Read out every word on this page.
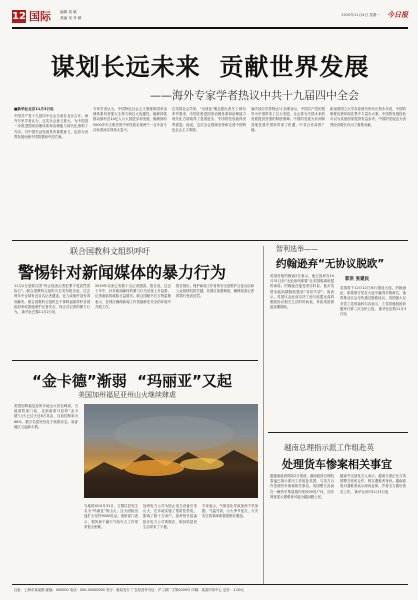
12 国际	编辑 周 敏
美编 吴 丹 颖
2019年11月4日 星期一 今日报
谋划长远未来  贡献世界发展
——海外专家学者热议中共十九届四中全会
■新华社北京11月3日电
中国共产党十九届四中全会日前在北京召开。海外专家学者认为，这次全会意义重大，为中国进一步推进国家治理体系和治理能力现代化指明了方向，对中国长远发展具有重要意义，也将为世界发展贡献中国智慧和中国方案。
专家学者认为，中国特色社会主义制度和国家治理体系具有强大生命力和巨大优越性，能够持续推动拥有近14亿人口大国进步和发展，确保拥有5000多年文明史的中华民族实现两个一百年奋斗目标进而实现伟大复兴。
在英国社会学家、“全球化”概念提出者马丁·阿尔布劳看来，中国在推进国家治理体系和治理能力现代化方面取得了显著进步，中国的经验值得世界借鉴。他说，这次全会强调坚持和完善中国特色社会主义制度。
塞内加尔学者阿达马·加耶表示，中国共产党的领导为中国带来了巨大发展，全会将为中国未来的发展提供坚强的制度保障。中国的发展为非洲和其他发展中国家带来了机遇，中非合作前景广阔。
新加坡国立大学东亚研究所所长郑永年说，中国的制度优势体现在集中力量办大事，中国的发展经验可以为其他国家提供有益参考，中国的发展也为世界经济增长作出了重要贡献。
联合国教科文组织呼吁
警惕针对新闻媒体的暴力行为
11月2日是联合国“终止侵害记者犯罪不受惩罚国际日”。联合国教科文组织当日发布报告说，过去两年中全球有近百名记者遇害，近九成案件没有得到解决。联合国教科文组织总干事阿祖莱呼吁各国政府采取措施保护记者安全，终止对记者的暴力行为。 新华社巴黎11月2日电
2019年以来已有数十名记者遇害。报告说，过去十年中，针对新闻媒体的暴力行为呈现上升趋势，记者面临的威胁日益增多。联合国秘书长古特雷斯表示，各国应确保新闻工作者能够在安全的环境中开展工作。
报告指出，保护新闻工作者的安全是维护言论自由和公众知情权的关键，各国应加强调查，确保侵害记者的罪行受到惩罚。
智利选举——
约翰逊弃“无协议脱欧”
英国首相约翰逊2日表示，他已放弃在10月31日前“无论如何都要”让英国脱离欧盟的承诺。约翰逊在接受采访时说，他对英国未能如期脱欧感到“非常失望”。他表示，英国议会此前否决了他与欧盟达成的脱欧协议相关立法的时间表，导致英国被迫延期脱欧。
郭洪 张建民
英国将于12月12日举行提前大选。约翰逊说，如果保守党在大选中赢得多数席位，他将推动议会尽快通过脱欧协议。英国最大反对党工党领袖科尔宾表示，工党将就脱欧问题举行第二次全民公投。 新华社伦敦11月3日电
“金卡德”渐弱  “玛丽亚”又起
美国加州福尼亚州山火继续肆虐
美国加利福尼亚州多地山火仍在肆虐，当地消防部门说，北部索诺马县的“金卡德”山火已过火近8万英亩，目前控制率为68%，数万名居民仍处于疏散状态。南部地区又起新火情。
当地时间10月31日，文图拉县发生名为“玛丽亚”的山火，过火面积迅速扩大至约9000英亩。消防部门表示，强风和干燥天气给灭火工作带来很大困难。
加州电力公司为防止电力设备引发山火，在多地实施了预防性停电，影响了数十万用户。加州州长纽森批评电力公司的做法，称其给居民生活带来了不便。
专家表示，气候变化导致加州干旱加剧、气温升高，山火季节延长，火灾发生的频率和强度都在增加。
越南总理指示派工作组赴英
处理货车惨案相关事宜
据越南政府网站2日报道，越南政府总理阮春福已指示派出工作组赴英国，与英方合作处理货车惨案相关事宜。英国警方此前在一辆货车集装箱内发现39具尸体，初步调查显示遇难者可能为越南籍公民。
越南外交部发言人表示，越南方面正在与英国警方密切合作，核实遇难者身份。越南政府对遇难者表示深切哀悼，并将全力做好善后工作。 新华社河内11月3日电
社址：上海市某某路 邮编：000000 电话：000-00000000 发行：邮局发行 广告经营许可证：沪工商广字第0000号 印刷：某某印务中心 定价：1.00元
